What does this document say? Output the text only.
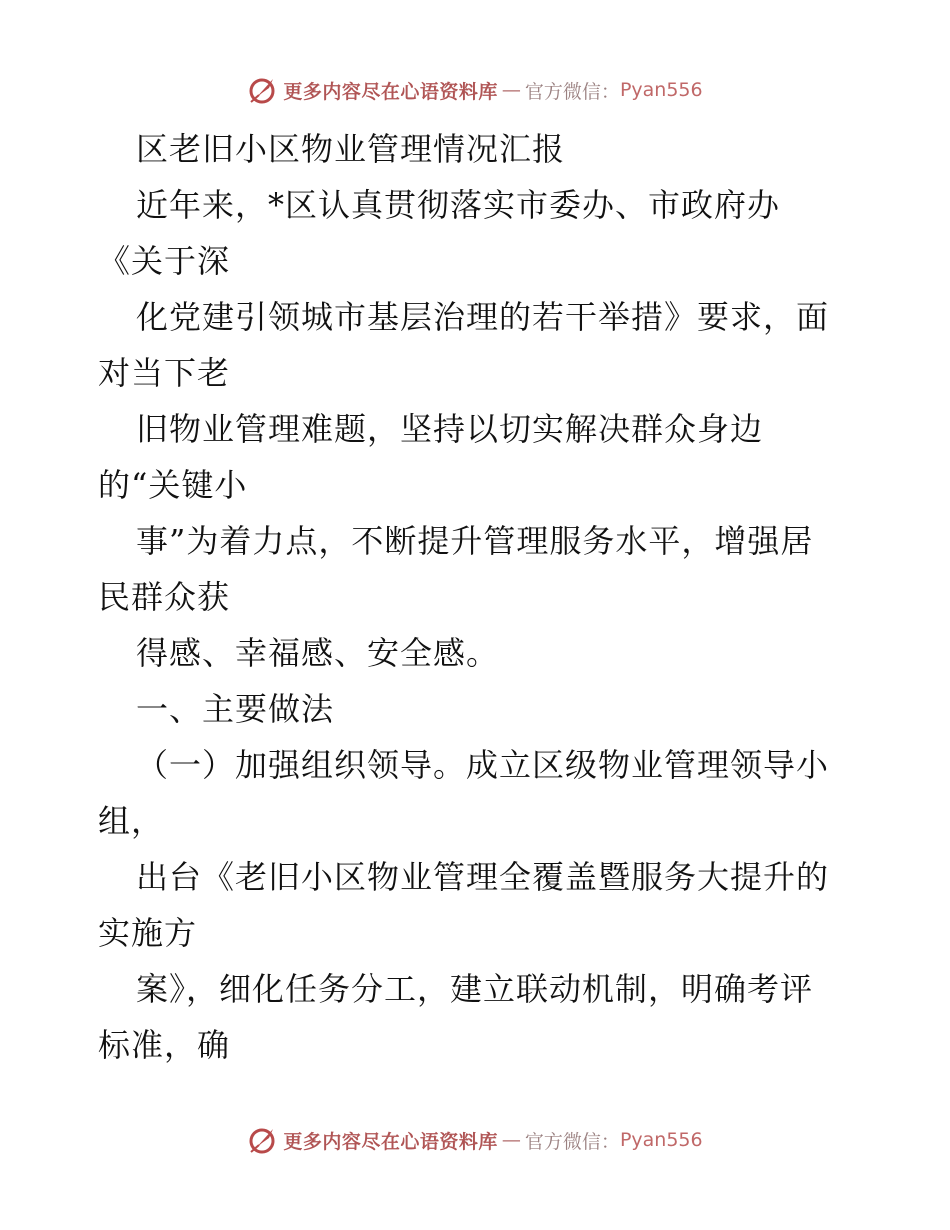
更多内容尽在心语资料库 — 官方微信： Pyan556
区老旧小区物业管理情况汇报
近年来，*区认真贯彻落实市委办、市政府办
《关于深
化党建引领城市基层治理的若干举措》要求，面
对当下老
旧物业管理难题，坚持以切实解决群众身边
的“关键小
事”为着力点，不断提升管理服务水平，增强居
民群众获
得感、幸福感、安全感。
一、主要做法
（一）加强组织领导。成立区级物业管理领导小
组，
出台《老旧小区物业管理全覆盖暨服务大提升的
实施方
案》，细化任务分工，建立联动机制，明确考评
标准，确
更多内容尽在心语资料库 — 官方微信： Pyan556
